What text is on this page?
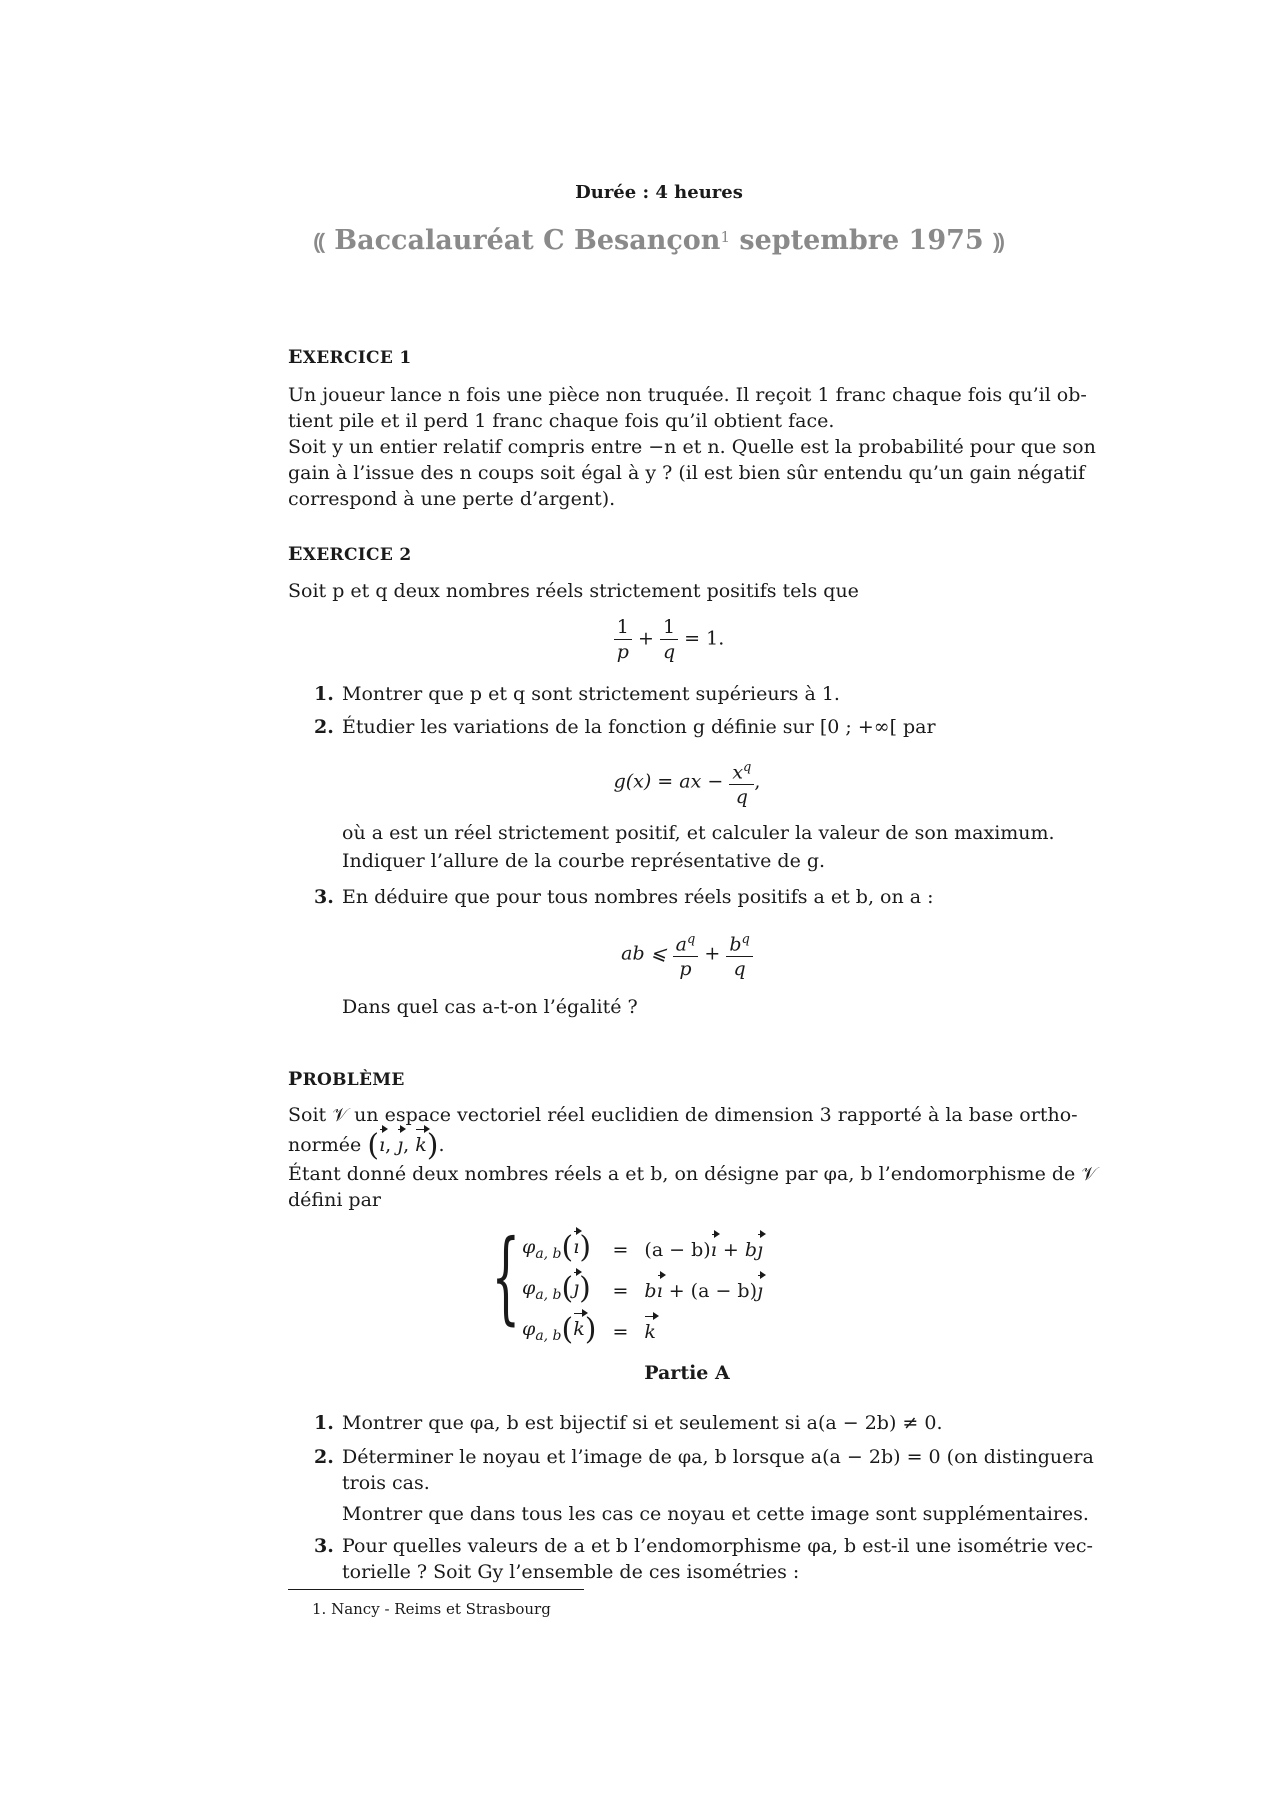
Durée : 4 heures
⸨ Baccalauréat C Besançon$^1$ septembre 1975 ⸩
EXERCICE 1
Un joueur lance n fois une pièce non truquée. Il reçoit 1 franc chaque fois qu’il ob-
tient pile et il perd 1 franc chaque fois qu’il obtient face.
Soit y un entier relatif compris entre −n et n. Quelle est la probabilité pour que son
gain à l’issue des n coups soit égal à y ? (il est bien sûr entendu qu’un gain négatif
correspond à une perte d’argent).
EXERCICE 2
Soit p et q deux nombres réels strictement positifs tels que
$\frac{1}{p} + \frac{1}{q} = 1$.
1. Montrer que p et q sont strictement supérieurs à 1.
2. Étudier les variations de la fonction g définie sur [0 ; +∞[ par
g(x) = ax − $\frac{x^q}{q}$ ,
où a est un réel strictement positif, et calculer la valeur de son maximum.
Indiquer l’allure de la courbe représentative de g.
3. En déduire que pour tous nombres réels positifs a et b, on a :
ab ⩽ $\frac{a^q}{p} + \frac{b^q}{q}$
Dans quel cas a-t-on l’égalité ?
PROBLÈME
Soit 𝒱 un espace vectoriel réel euclidien de dimension 3 rapporté à la base ortho-
normée (ı, ȷ, k).
Étant donné deux nombres réels a et b, on désigne par φa, b l’endomorphisme de 𝒱
défini par
{ $\varphi_{a, b}(ı)$	=	(a − b)ı + bȷ
$\varphi_{a, b}(ȷ)$	=	bı + (a − b)ȷ
$\varphi_{a, b}(k)$	=	k
Partie A
1. Montrer que φa, b est bijectif si et seulement si a(a − 2b) ≠ 0.
2. Déterminer le noyau et l’image de φa, b lorsque a(a − 2b) = 0 (on distinguera
trois cas.
Montrer que dans tous les cas ce noyau et cette image sont supplémentaires.
3. Pour quelles valeurs de a et b l’endomorphisme φa, b est-il une isométrie vec-
torielle ? Soit Gy l’ensemble de ces isométries :
1. Nancy - Reims et Strasbourg
